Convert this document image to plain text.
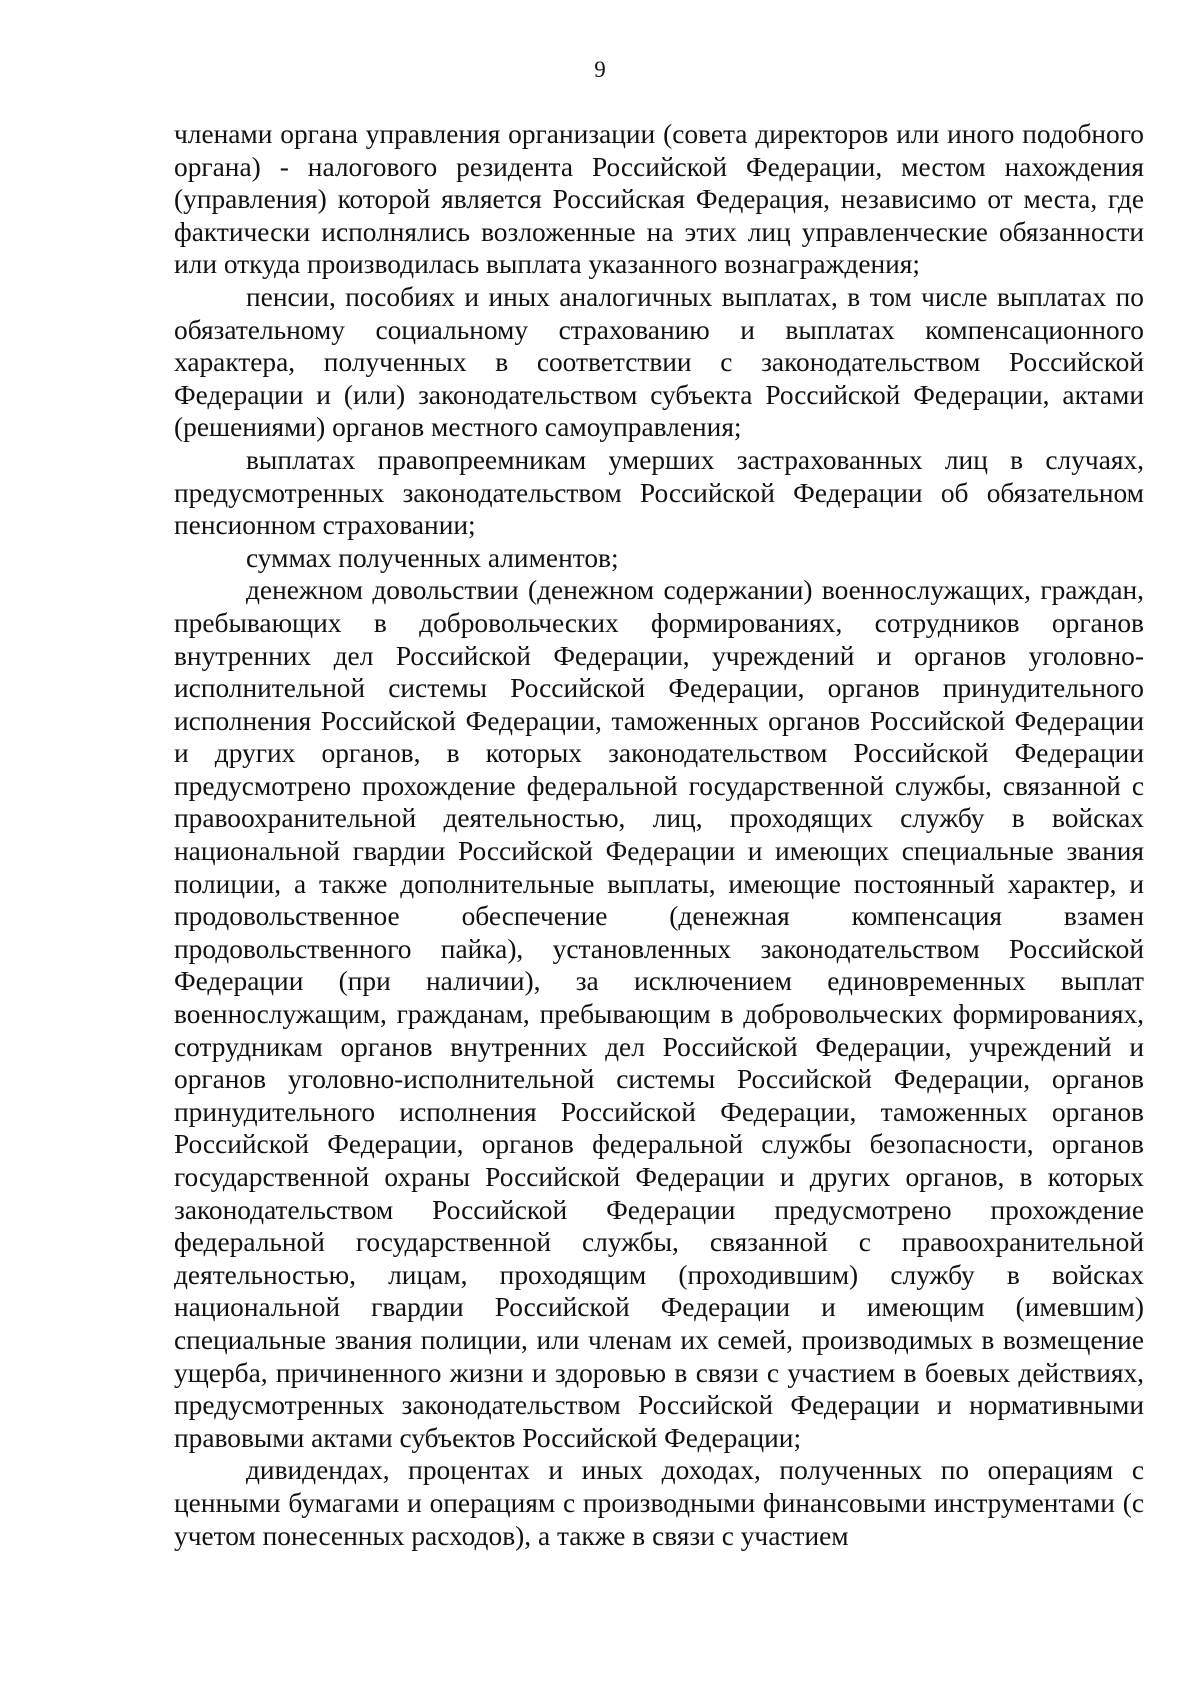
9

членами органа управления организации (совета директоров или иного подобного органа) - налогового резидента Российской Федерации, местом нахождения (управления) которой является Российская Федерация, независимо от места, где фактически исполнялись возложенные на этих лиц управленческие обязанности или откуда производилась выплата указанного вознаграждения;

пенсии, пособиях и иных аналогичных выплатах, в том числе выплатах по обязательному социальному страхованию и выплатах компенсационного характера, полученных в соответствии с законодательством Российской Федерации и (или) законодательством субъекта Российской Федерации, актами (решениями) органов местного самоуправления;

выплатах правопреемникам умерших застрахованных лиц в случаях, предусмотренных законодательством Российской Федерации об обязательном пенсионном страховании;

суммах полученных алиментов;

денежном довольствии (денежном содержании) военнослужащих, граждан, пребывающих в добровольческих формированиях, сотрудников органов внутренних дел Российской Федерации, учреждений и органов уголовно-исполнительной системы Российской Федерации, органов принудительного исполнения Российской Федерации, таможенных органов Российской Федерации и других органов, в которых законодательством Российской Федерации предусмотрено прохождение федеральной государственной службы, связанной с правоохранительной деятельностью, лиц, проходящих службу в войсках национальной гвардии Российской Федерации и имеющих специальные звания полиции, а также дополнительные выплаты, имеющие постоянный характер, и продовольственное обеспечение (денежная компенсация взамен продовольственного пайка), установленных законодательством Российской Федерации (при наличии), за исключением единовременных выплат военнослужащим, гражданам, пребывающим в добровольческих формированиях, сотрудникам органов внутренних дел Российской Федерации, учреждений и органов уголовно-исполнительной системы Российской Федерации, органов принудительного исполнения Российской Федерации, таможенных органов Российской Федерации, органов федеральной службы безопасности, органов государственной охраны Российской Федерации и других органов, в которых законодательством Российской Федерации предусмотрено прохождение федеральной государственной службы, связанной с правоохранительной деятельностью, лицам, проходящим (проходившим) службу в войсках национальной гвардии Российской Федерации и имеющим (имевшим) специальные звания полиции, или членам их семей, производимых в возмещение ущерба, причиненного жизни и здоровью в связи с участием в боевых действиях, предусмотренных законодательством Российской Федерации и нормативными правовыми актами субъектов Российской Федерации;

дивидендах, процентах и иных доходах, полученных по операциям с ценными бумагами и операциям с производными финансовыми инструментами (с учетом понесенных расходов), а также в связи с участием
